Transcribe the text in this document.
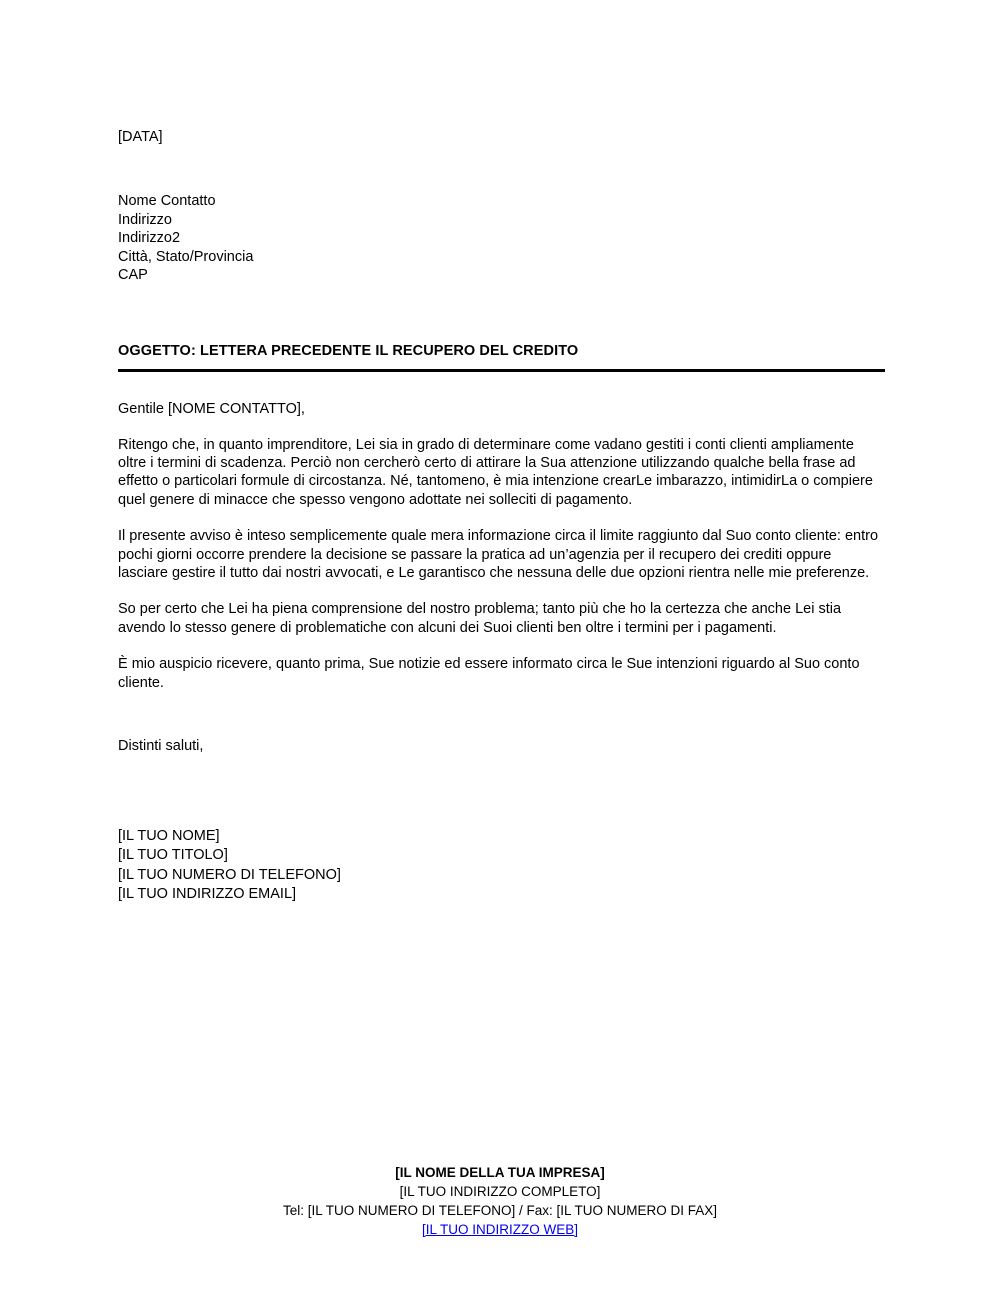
[DATA]
Nome Contatto
Indirizzo
Indirizzo2
Città, Stato/Provincia
CAP
OGGETTO: LETTERA PRECEDENTE IL RECUPERO DEL CREDITO
Gentile [NOME CONTATTO],
Ritengo che, in quanto imprenditore, Lei sia in grado di determinare come vadano gestiti i conti clienti ampliamente oltre i termini di scadenza. Perciò non cercherò certo di attirare la Sua attenzione utilizzando qualche bella frase ad effetto o particolari formule di circostanza. Né, tantomeno, è mia intenzione crearLe imbarazzo, intimidirLa o compiere quel genere di minacce che spesso vengono adottate nei solleciti di pagamento.
Il presente avviso è inteso semplicemente quale mera informazione circa il limite raggiunto dal Suo conto cliente: entro pochi giorni occorre prendere la decisione se passare la pratica ad un’agenzia per il recupero dei crediti oppure lasciare gestire il tutto dai nostri avvocati, e Le garantisco che nessuna delle due opzioni rientra nelle mie preferenze.
So per certo che Lei ha piena comprensione del nostro problema; tanto più che ho la certezza che anche Lei stia avendo lo stesso genere di problematiche con alcuni dei Suoi clienti ben oltre i termini per i pagamenti.
È mio auspicio ricevere, quanto prima, Sue notizie ed essere informato circa le Sue intenzioni riguardo al Suo conto cliente.
Distinti saluti,
[IL TUO NOME]
[IL TUO TITOLO]
[IL TUO NUMERO DI TELEFONO]
[IL TUO INDIRIZZO EMAIL]
[IL NOME DELLA TUA IMPRESA]
[IL TUO INDIRIZZO COMPLETO]
Tel: [IL TUO NUMERO DI TELEFONO] / Fax: [IL TUO NUMERO DI FAX]
[IL TUO INDIRIZZO WEB]
